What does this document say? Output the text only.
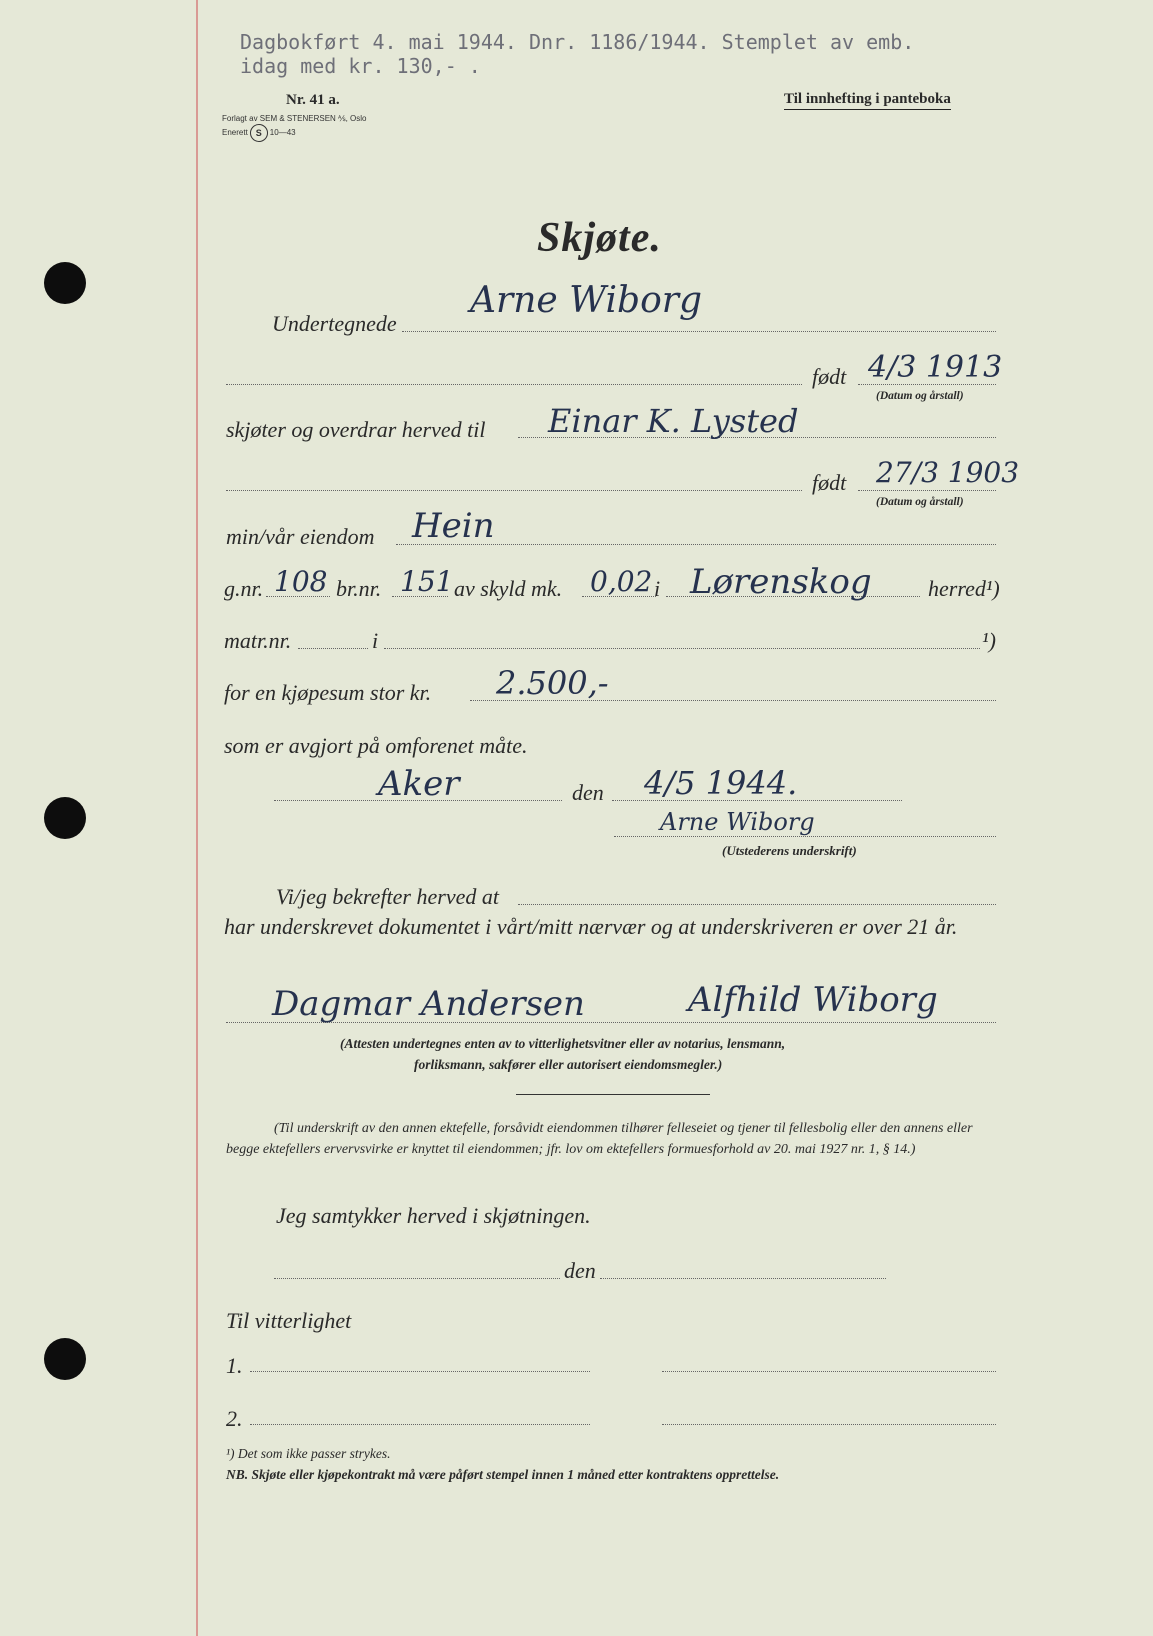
Dagbokført 4. mai 1944. Dnr. 1186/1944. Stemplet av emb.
idag med kr. 130,- .
Nr. 41 a.
Forlagt av SEM & STENERSEN ⅍, Oslo
Enerett S 10—43
Til innhefting i panteboka
Skjøte.
Undertegnede
Arne Wiborg
født 4/3 1913
(Datum og årstall)
skjøter og overdrar herved til Einar K. Lysted
født 27/3 1903
(Datum og årstall)
min/vår eiendom Hein
g.nr. 108 br.nr. 151 av skyld mk. 0,02 i Lørenskog	herred¹)
matr.nr.	i	¹)
for en kjøpesum stor kr. 2.500,-
som er avgjort på omforenet måte.
Aker	den 4/5 1944.
Arne Wiborg
(Utstederens underskrift)
Vi/jeg bekrefter herved at
har underskrevet dokumentet i vårt/mitt nærvær og at underskriveren er over 21 år.
Dagmar Andersen	Alfhild Wiborg
(Attesten undertegnes enten av to vitterlighetsvitner eller av notarius, lensmann,
forliksmann, sakfører eller autorisert eiendomsmegler.)
(Til underskrift av den annen ektefelle, forsåvidt eiendommen tilhører felleseiet og tjener til fellesbolig eller den annens eller begge ektefellers ervervsvirke er knyttet til eiendommen; jfr. lov om ektefellers formuesforhold av 20. mai 1927 nr. 1, § 14.)
Jeg samtykker herved i skjøtningen.
den
Til vitterlighet
1.
2.
¹) Det som ikke passer strykes.
NB. Skjøte eller kjøpekontrakt må være påført stempel innen 1 måned etter kontraktens opprettelse.
